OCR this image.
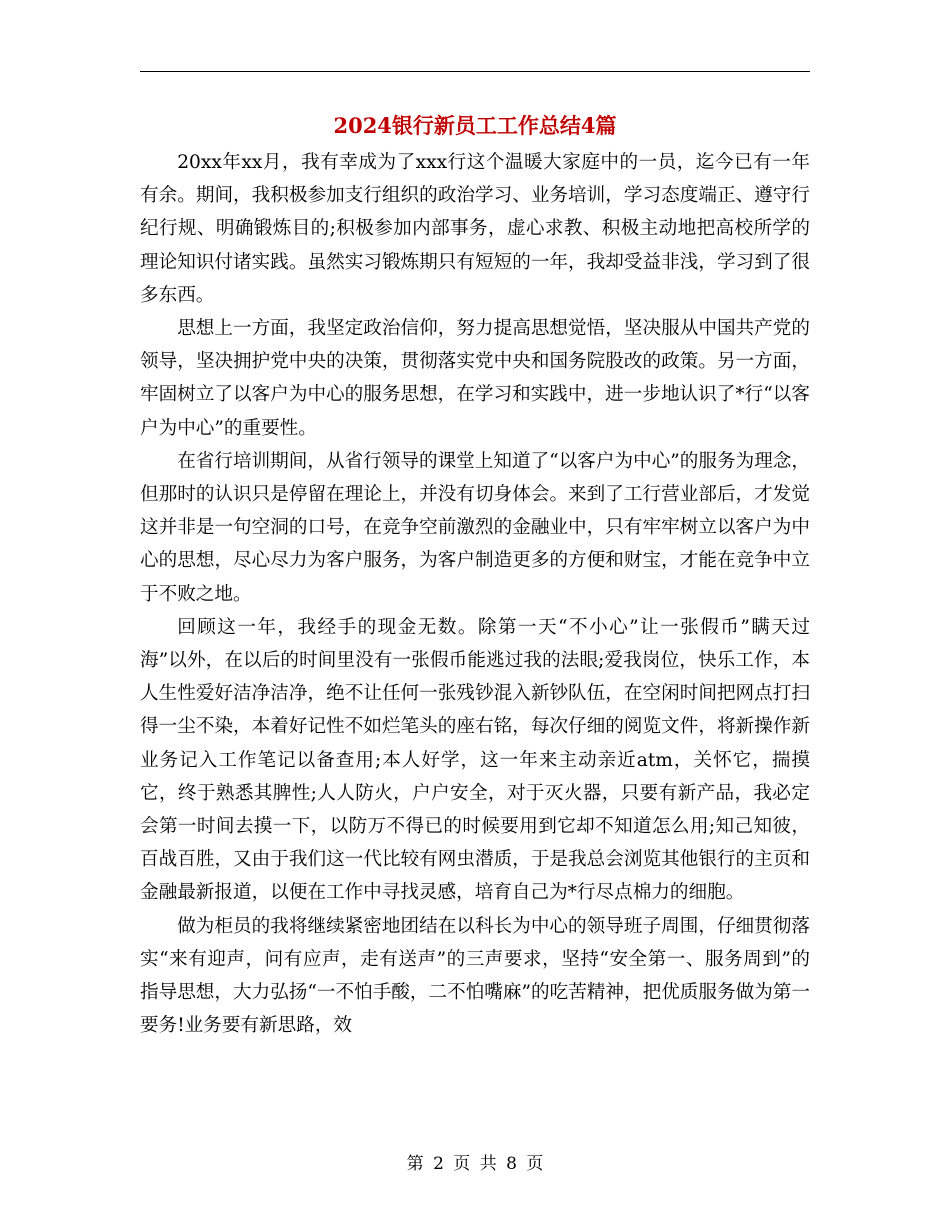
2024银行新员工工作总结4篇

20xx年xx月，我有幸成为了xxx行这个温暖大家庭中的一员，迄今已有一年有余。期间，我积极参加支行组织的政治学习、业务培训，学习态度端正、遵守行纪行规、明确锻炼目的;积极参加内部事务，虚心求教、积极主动地把高校所学的理论知识付诸实践。虽然实习锻炼期只有短短的一年，我却受益非浅，学习到了很多东西。

思想上一方面，我坚定政治信仰，努力提高思想觉悟，坚决服从中国共产党的领导，坚决拥护党中央的决策，贯彻落实党中央和国务院股改的政策。另一方面，牢固树立了以客户为中心的服务思想，在学习和实践中，进一步地认识了*行“以客户为中心”的重要性。

在省行培训期间，从省行领导的课堂上知道了“以客户为中心”的服务为理念，但那时的认识只是停留在理论上，并没有切身体会。来到了工行营业部后，才发觉这并非是一句空洞的口号，在竞争空前激烈的金融业中，只有牢牢树立以客户为中心的思想，尽心尽力为客户服务，为客户制造更多的方便和财宝，才能在竞争中立于不败之地。

回顾这一年，我经手的现金无数。除第一天“不小心”让一张假币”瞒天过海”以外，在以后的时间里没有一张假币能逃过我的法眼;爱我岗位，快乐工作，本人生性爱好洁净洁净，绝不让任何一张残钞混入新钞队伍，在空闲时间把网点打扫得一尘不染，本着好记性不如烂笔头的座右铭，每次仔细的阅览文件，将新操作新业务记入工作笔记以备查用;本人好学，这一年来主动亲近atm，关怀它，揣摸它，终于熟悉其脾性;人人防火，户户安全，对于灭火器，只要有新产品，我必定会第一时间去摸一下，以防万不得已的时候要用到它却不知道怎么用;知己知彼，百战百胜，又由于我们这一代比较有网虫潜质，于是我总会浏览其他银行的主页和金融最新报道，以便在工作中寻找灵感，培育自己为*行尽点棉力的细胞。

做为柜员的我将继续紧密地团结在以科长为中心的领导班子周围，仔细贯彻落实“来有迎声，问有应声，走有送声”的三声要求，坚持“安全第一、服务周到”的指导思想，大力弘扬“一不怕手酸，二不怕嘴麻”的吃苦精神，把优质服务做为第一要务!业务要有新思路，效

第 2 页 共 8 页
